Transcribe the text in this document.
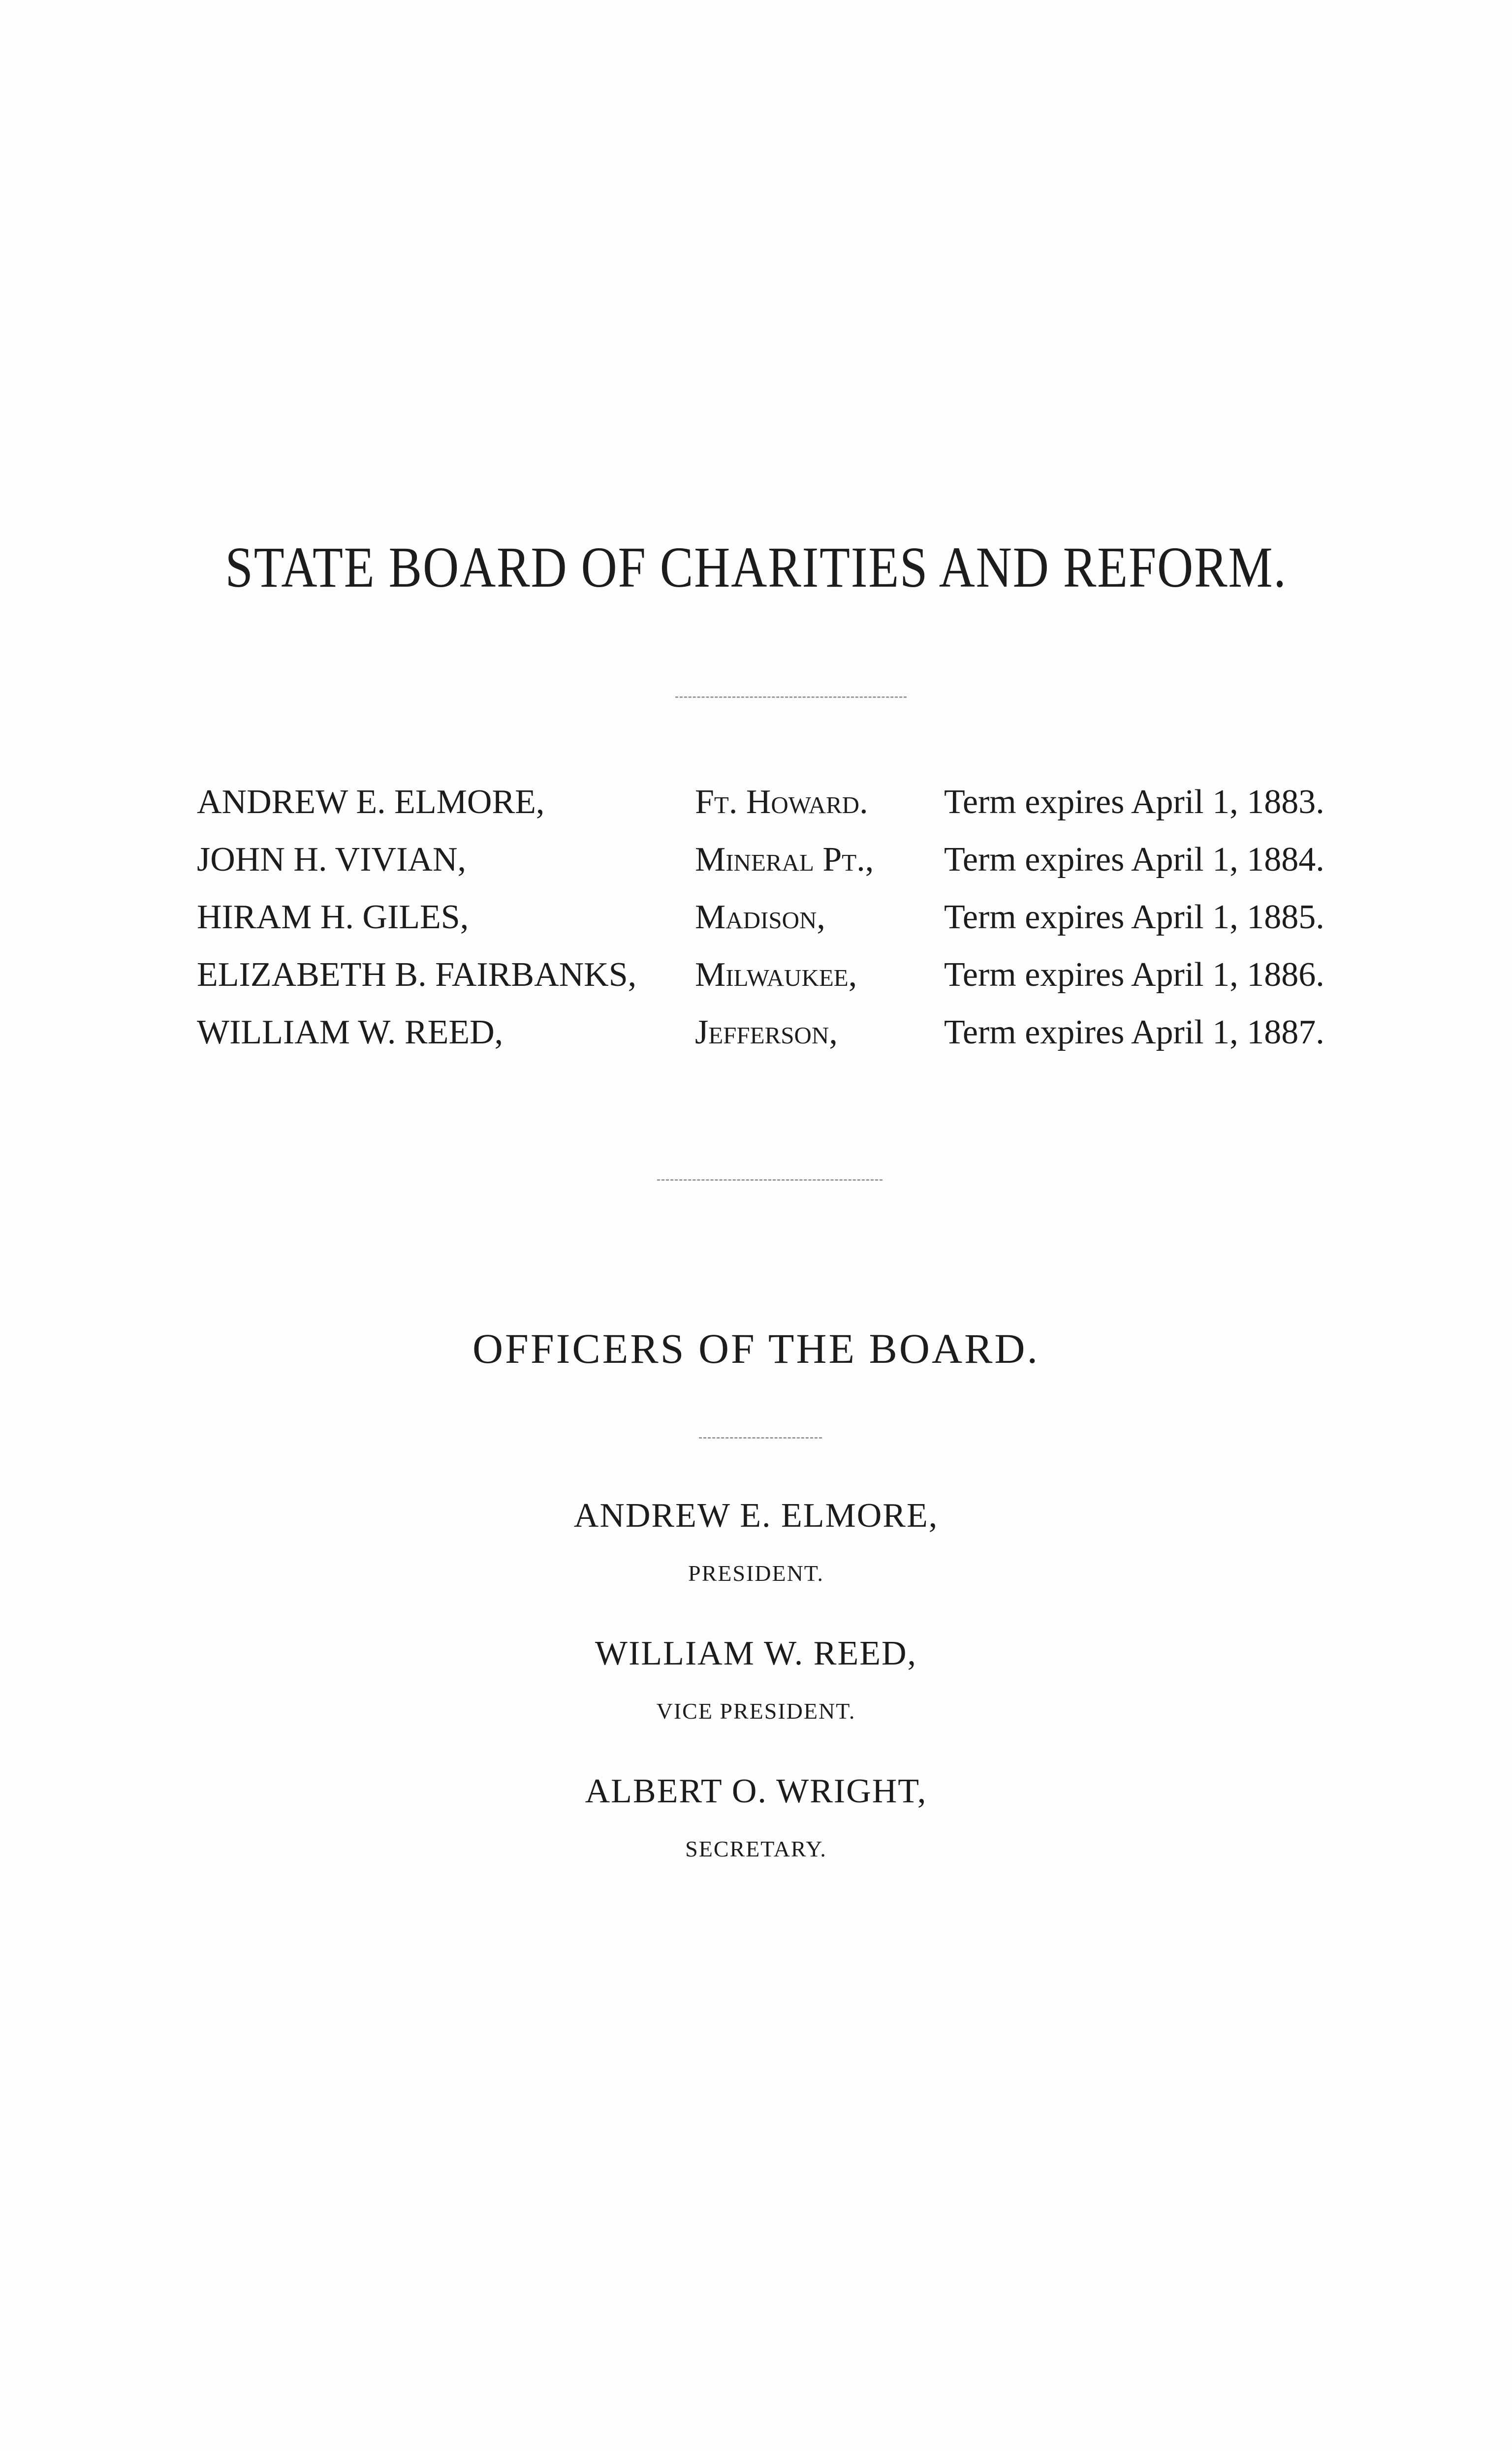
STATE BOARD OF CHARITIES AND REFORM.
ANDREW E. ELMORE,	Ft. Howard. Term expires April 1, 1883.
JOHN H. VIVIAN,	Mineral Pt., Term expires April 1, 1884.
HIRAM H. GILES,	Madison,	Term expires April 1, 1885.
ELIZABETH B. FAIRBANKS, Milwaukee,	Term expires April 1, 1886.
WILLIAM W. REED,	Jefferson,	Term expires April 1, 1887.
OFFICERS OF THE BOARD.
ANDREW E. ELMORE,
PRESIDENT.
WILLIAM W. REED,
VICE PRESIDENT.
ALBERT O. WRIGHT,
SECRETARY.
